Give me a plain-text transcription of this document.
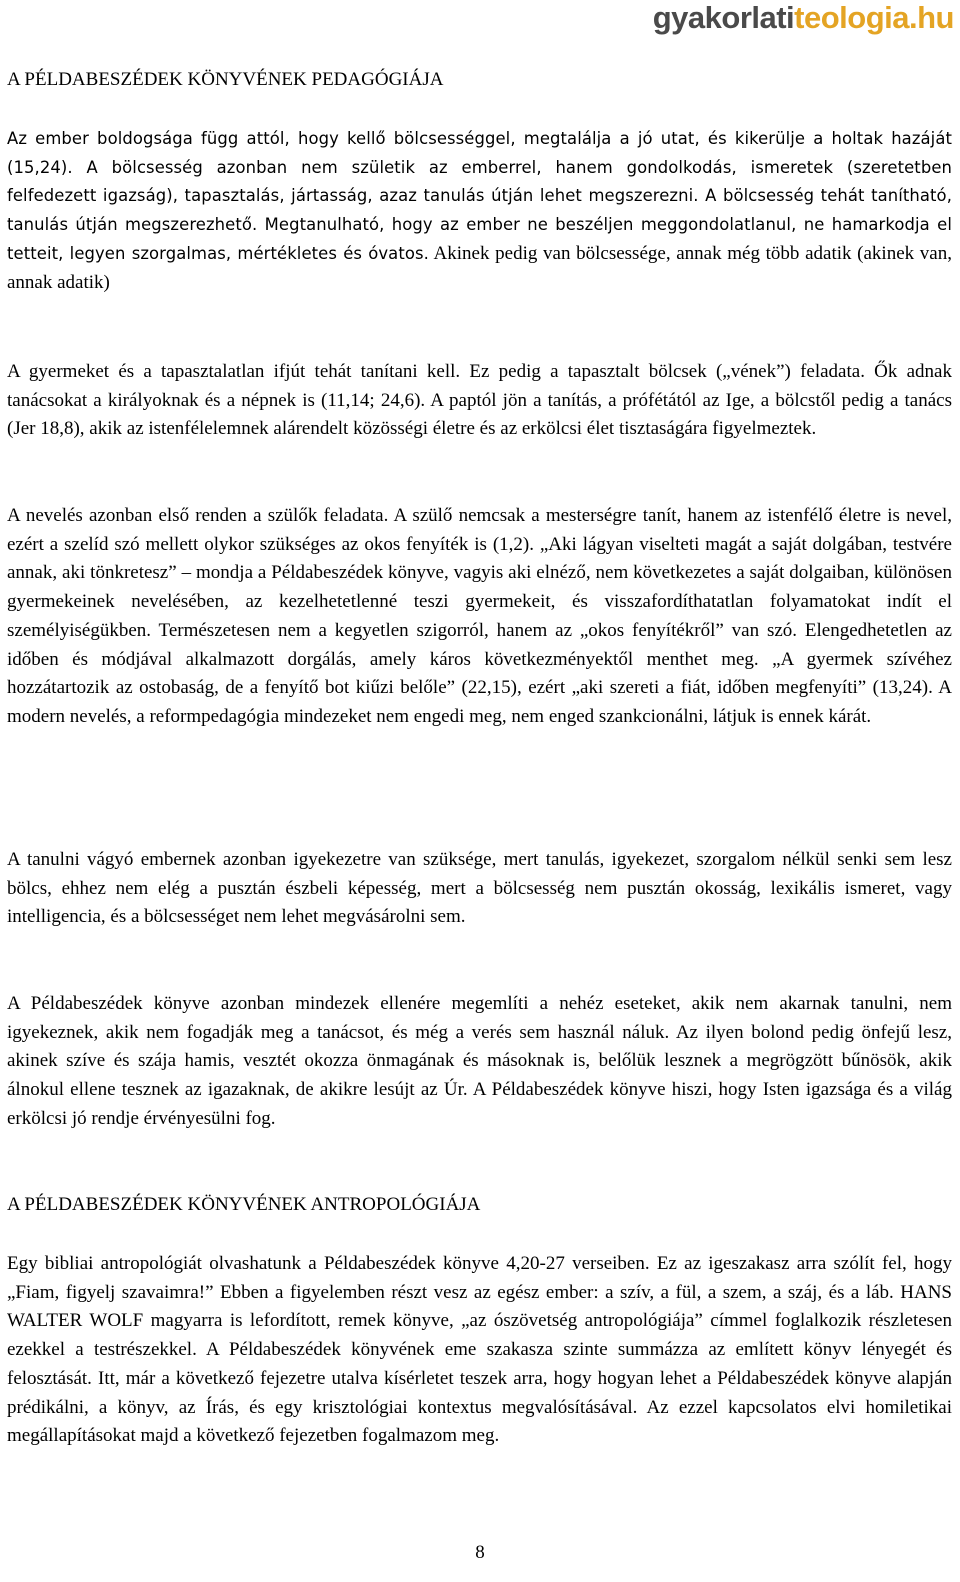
gyakorlatiteologia.hu
A PÉLDABESZÉDEK KÖNYVÉNEK PEDAGÓGIÁJA

Az ember boldogsága függ attól, hogy kellő bölcsességgel, megtalálja a jó utat, és kikerülje a holtak hazáját (15,24). A bölcsesség azonban nem születik az emberrel, hanem gondolkodás, ismeretek (szeretetben felfedezett igazság), tapasztalás, jártasság, azaz tanulás útján lehet megszerezni. A bölcsesség tehát tanítható, tanulás útján megszerezhető. Megtanulható, hogy az ember ne beszéljen meggondolatlanul, ne hamarkodja el tetteit, legyen szorgalmas, mértékletes és óvatos. Akinek pedig van bölcsessége, annak még több adatik (akinek van, annak adatik)

A gyermeket és a tapasztalatlan ifjút tehát tanítani kell. Ez pedig a tapasztalt bölcsek („vének”) feladata. Ők adnak tanácsokat a királyoknak és a népnek is (11,14; 24,6). A paptól jön a tanítás, a prófétától az Ige, a bölcstől pedig a tanács (Jer 18,8), akik az istenfélelemnek alárendelt közösségi életre és az erkölcsi élet tisztaságára figyelmeztek.

A nevelés azonban első renden a szülők feladata. A szülő nemcsak a mesterségre tanít, hanem az istenfélő életre is nevel, ezért a szelíd szó mellett olykor szükséges az okos fenyíték is (1,2). „Aki lágyan viselteti magát a saját dolgában, testvére annak, aki tönkretesz” – mondja a Példabeszédek könyve, vagyis aki elnéző, nem következetes a saját dolgaiban, különösen gyermekeinek nevelésében, az kezelhetetlenné teszi gyermekeit, és visszafordíthatatlan folyamatokat indít el személyiségükben. Természetesen nem a kegyetlen szigorról, hanem az „okos fenyítékről” van szó. Elengedhetetlen az időben és módjával alkalmazott dorgálás, amely káros következményektől menthet meg. „A gyermek szívéhez hozzátartozik az ostobaság, de a fenyítő bot kiűzi belőle” (22,15), ezért „aki szereti a fiát, időben megfenyíti” (13,24). A modern nevelés, a reformpedagógia mindezeket nem engedi meg, nem enged szankcionálni, látjuk is ennek kárát.

A tanulni vágyó embernek azonban igyekezetre van szüksége, mert tanulás, igyekezet, szorgalom nélkül senki sem lesz bölcs, ehhez nem elég a pusztán észbeli képesség, mert a bölcsesség nem pusztán okosság, lexikális ismeret, vagy intelligencia, és a bölcsességet nem lehet megvásárolni sem.

A Példabeszédek könyve azonban mindezek ellenére megemlíti a nehéz eseteket, akik nem akarnak tanulni, nem igyekeznek, akik nem fogadják meg a tanácsot, és még a verés sem használ náluk. Az ilyen bolond pedig önfejű lesz, akinek szíve és szája hamis, vesztét okozza önmagának és másoknak is, belőlük lesznek a megrögzött bűnösök, akik álnokul ellene tesznek az igazaknak, de akikre lesújt az Úr. A Példabeszédek könyve hiszi, hogy Isten igazsága és a világ erkölcsi jó rendje érvényesülni fog.

A PÉLDABESZÉDEK KÖNYVÉNEK ANTROPOLÓGIÁJA

Egy bibliai antropológiát olvashatunk a Példabeszédek könyve 4,20-27 verseiben. Ez az igeszakasz arra szólít fel, hogy „Fiam, figyelj szavaimra!” Ebben a figyelemben részt vesz az egész ember: a szív, a fül, a szem, a száj, és a láb. HANS WALTER WOLF magyarra is lefordított, remek könyve, „az ószövetség antropológiája” címmel foglalkozik részletesen ezekkel a testrészekkel. A Példabeszédek könyvének eme szakasza szinte summázza az említett könyv lényegét és felosztását. Itt, már a következő fejezetre utalva kísérletet teszek arra, hogy hogyan lehet a Példabeszédek könyve alapján prédikálni, a könyv, az Írás, és egy krisztológiai kontextus megvalósításával. Az ezzel kapcsolatos elvi homiletikai megállapításokat majd a következő fejezetben fogalmazom meg.

8
